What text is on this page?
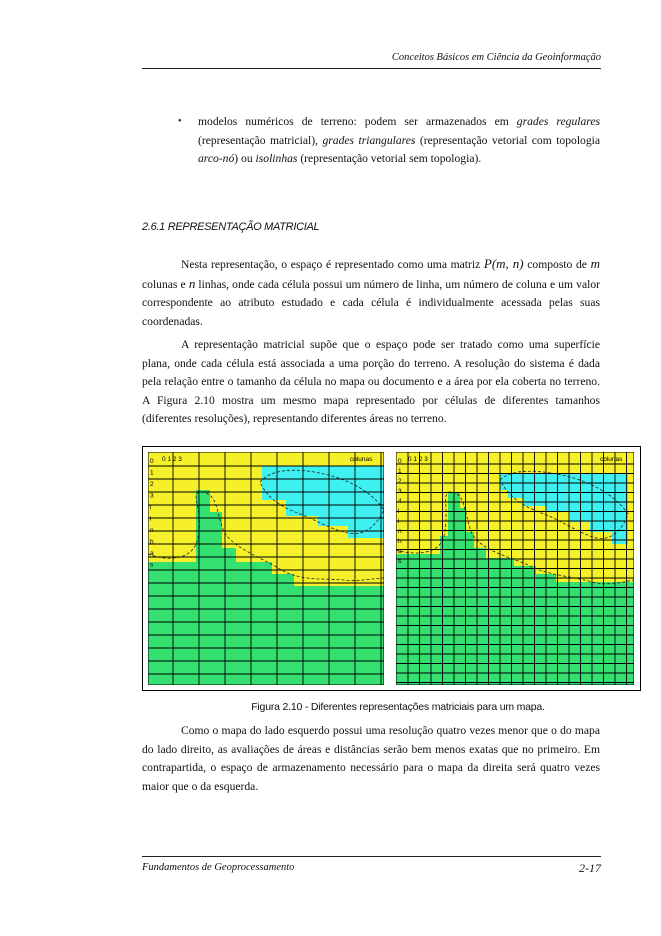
Conceitos Básicos em Ciência da Geoinformação
• modelos numéricos de terreno: podem ser armazenados em grades regulares (representação matricial), grades triangulares (representação vetorial com topologia arco-nó) ou isolinhas (representação vetorial sem topologia).
2.6.1 REPRESENTAÇÃO MATRICIAL

Nesta representação, o espaço é representado como uma matriz P(m, n) composto de m colunas e n linhas, onde cada célula possui um número de linha, um número de coluna e um valor correspondente ao atributo estudado e cada célula é individualmente acessada pelas suas coordenadas.

A representação matricial supõe que o espaço pode ser tratado como uma superfície plana, onde cada célula está associada a uma porção do terreno. A resolução do sistema é dada pela relação entre o tamanho da célula no mapa ou documento e a área por ela coberta no terreno. A Figura 2.10 mostra um mesmo mapa representado por células de diferentes tamanhos (diferentes resoluções), representando diferentes áreas no terreno.

0 1 2 3	colunas
0
1
2
3
l
i
n
h
a
s
0 1 2 3	colunas
0
1
2
3
4
l
i
n
h
a
s
Figura 2.10 - Diferentes representações matriciais para um mapa.

Como o mapa do lado esquerdo possui uma resolução quatro vezes menor que o do mapa do lado direito, as avaliações de áreas e distâncias serão bem menos exatas que no primeiro. Em contrapartida, o espaço de armazenamento necessário para o mapa da direita será quatro vezes maior que o da esquerda.

Fundamentos de Geoprocessamento	2-17
